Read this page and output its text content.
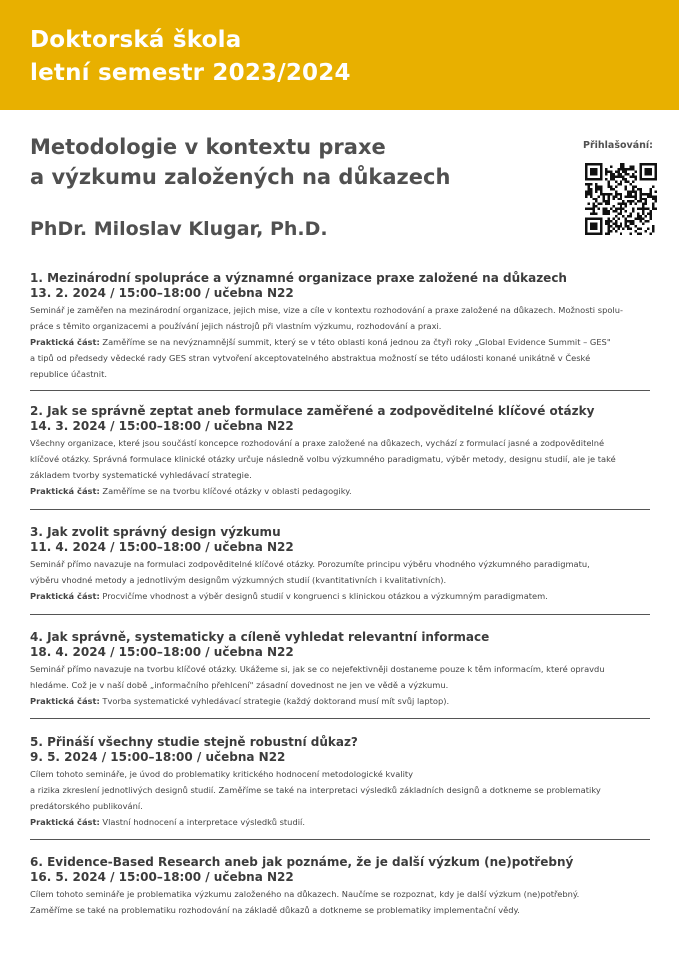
Doktorská škola
letní semestr 2023/2024
Metodologie v kontextu praxe
a výzkumu založených na důkazech
PhDr. Miloslav Klugar, Ph.D.
Přihlašování:
1. Mezinárodní spolupráce a významné organizace praxe založené na důkazech
13. 2. 2024 / 15:00–18:00 / učebna N22

Seminář je zaměřen na mezinárodní organizace, jejich mise, vize a cíle v kontextu rozhodování a praxe založené na důkazech. Možnosti spolu-

práce s těmito organizacemi a používání jejich nástrojů při vlastním výzkumu, rozhodování a praxi.

Praktická část: Zaměříme se na nevýznamnější summit, který se v této oblasti koná jednou za čtyři roky „Global Evidence Summit – GES"

a tipů od předsedy vědecké rady GES stran vytvoření akceptovatelného abstraktua možností se této události konané unikátně v České

republice účastnit.

2. Jak se správně zeptat aneb formulace zaměřené a zodpověditelné klíčové otázky
14. 3. 2024 / 15:00–18:00 / učebna N22

Všechny organizace, které jsou součástí koncepce rozhodování a praxe založené na důkazech, vychází z formulací jasné a zodpověditelné

klíčové otázky. Správná formulace klinické otázky určuje následně volbu výzkumného paradigmatu, výběr metody, designu studií, ale je také

základem tvorby systematické vyhledávací strategie.

Praktická část: Zaměříme se na tvorbu klíčové otázky v oblasti pedagogiky.

3. Jak zvolit správný design výzkumu
11. 4. 2024 / 15:00–18:00 / učebna N22

Seminář přímo navazuje na formulaci zodpověditelné klíčové otázky. Porozumíte principu výběru vhodného výzkumného paradigmatu,

výběru vhodné metody a jednotlivým designům výzkumných studií (kvantitativních i kvalitativních).

Praktická část: Procvičíme vhodnost a výběr designů studií v kongruenci s klinickou otázkou a výzkumným paradigmatem.

4. Jak správně, systematicky a cíleně vyhledat relevantní informace
18. 4. 2024 / 15:00–18:00 / učebna N22

Seminář přímo navazuje na tvorbu klíčové otázky. Ukážeme si, jak se co nejefektivněji dostaneme pouze k těm informacím, které opravdu

hledáme. Což je v naší době „informačního přehlcení" zásadní dovednost ne jen ve vědě a výzkumu.

Praktická část: Tvorba systematické vyhledávací strategie (každý doktorand musí mít svůj laptop).

5. Přináší všechny studie stejně robustní důkaz?
9. 5. 2024 / 15:00–18:00 / učebna N22

Cílem tohoto semináře, je úvod do problematiky kritického hodnocení metodologické kvality

a rizika zkreslení jednotlivých designů studií. Zaměříme se také na interpretaci výsledků základních designů a dotkneme se problematiky

predátorského publikování.

Praktická část: Vlastní hodnocení a interpretace výsledků studií.

6. Evidence-Based Research aneb jak poznáme, že je další výzkum (ne)potřebný
16. 5. 2024 / 15:00–18:00 / učebna N22

Cílem tohoto semináře je problematika výzkumu založeného na důkazech. Naučíme se rozpoznat, kdy je další výzkum (ne)potřebný.

Zaměříme se také na problematiku rozhodování na základě důkazů a dotkneme se problematiky implementační vědy.
